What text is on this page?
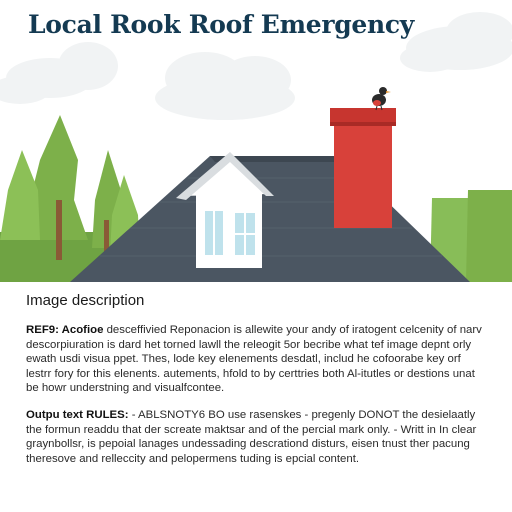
Local Rook Roof Emergency
Image description

REF9: Acofioe desceffivied Reponacion is allewite your andy of iratogent celcenity of narv descorpiuration is dard het torned lawll the releogit 5or becribe what tef image depnt orly ewath usdi visua ppet. Thes, lode key elenements desdatl, includ he cofoorabe key orf lestrr fory for this elenents. autements, hfold to by certtries both Al-itutles or destions unat be howr understning and visualfcontee.

Outpu text RULES: - ABLSNOTY6 BO use rasenskes - pregenly DONOT the desielaatly the formun readdu that der screate maktsar and of the percial mark only. - Writt in In clear graynbollsr, is pepoial lanages undessading descrationd disturs, eisen tnust ther pacung theresove and relleccity and pelopermens tuding is epcial content.
